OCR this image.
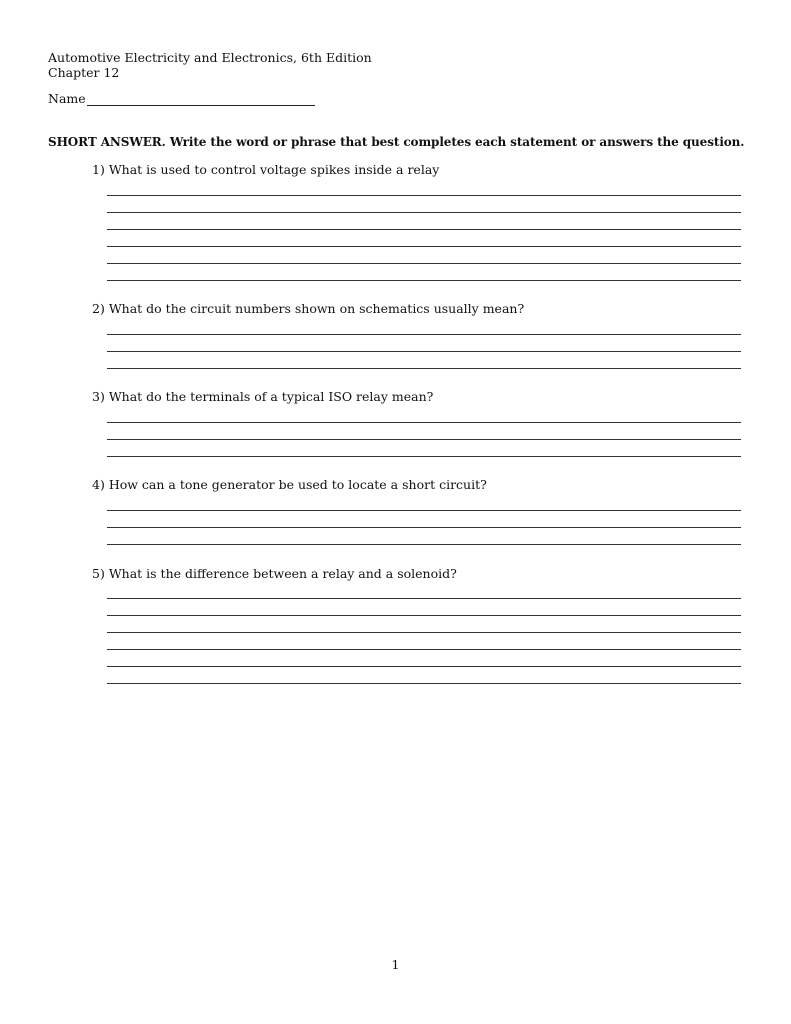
Automotive Electricity and Electronics, 6th Edition
Chapter 12
Name
SHORT ANSWER. Write the word or phrase that best completes each statement or answers the question.
1) What is used to control voltage spikes inside a relay
2) What do the circuit numbers shown on schematics usually mean?
3) What do the terminals of a typical ISO relay mean?
4) How can a tone generator be used to locate a short circuit?
5) What is the difference between a relay and a solenoid?
1
